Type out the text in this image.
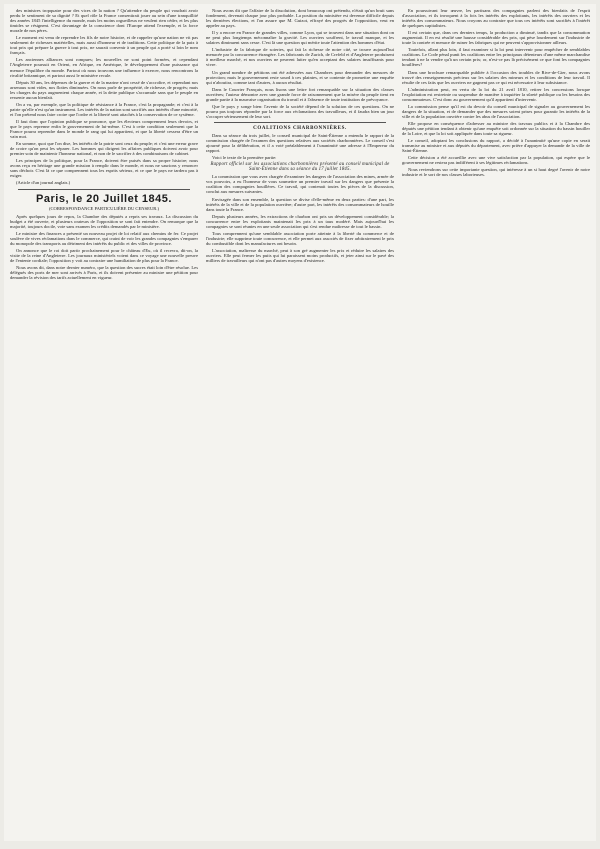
des ministres tropquatre pour des vices de la nation ? Qu'attendre du peuple qui voudrait avoir perdu le sentiment de sa dignité ? Et quel rôle la France consentirait jouer au sein d'une tranquillité des années 1845 l'intelligence du monde, mais les moins orgueilleux ne veulent rien céder, et les plus timides se résignent. C'est davantage de la conscience dont l'Europe attend l'exemple, et la force morale de nos pères.

Le moment est venu de reprendre les fils de notre histoire, et de rappeler qu'une nation ne vit pas seulement de richesses matérielles, mais aussi d'honneur et de traditions. Cette politique de la paix à tout prix qui prépare la guerre à tout prix, ne saurait convenir à un peuple qui a porté si loin le nom français.

Les anciennes alliances sont rompues; les nouvelles ne sont point formées, et cependant l'Angleterre poursuit en Orient, en Afrique, en Amérique, le développement d'une puissance qui menace l'équilibre du monde. Partout où nous trouvons une influence à exercer, nous rencontrons la rivalité britannique, et partout aussi le ministère recule.

Dépuis 30 ans, les dépenses de la guerre et de la marine n'ont cessé de s'accroître, et cependant nos arsenaux sont vides, nos flottes diminuées. On nous parle de prospérité, de richesse, de progrès; mais les charges du pays augmentent chaque année, et la dette publique s'accumule sans que le peuple en ressente aucun bienfait.

On a vu, par exemple, que la politique de résistance à la France, c'est la propagande; et c'est à la patrie qu'elle n'est qu'un instrument. Les intérêts de la nation sont sacrifiés aux intérêts d'une minorité, et l'on prétend nous faire croire que l'ordre et la liberté sont attachés à la conservation de ce système.

Il faut donc que l'opinion publique se prononce, que les électeurs comprennent leurs devoirs, et que le pays reprenne enfin le gouvernement de lui-même. C'est à cette condition seulement que la France pourra reprendre dans le monde le rang qui lui appartient, et que la liberté cessera d'être un vain mot.

En somme, quoi que l'on dise, les intérêts de la patrie sont ceux du peuple; et c'est une erreur grave de croire qu'on peut les séparer. Les hommes qui dirigent les affaires publiques doivent avoir pour premier soin de maintenir l'honneur national, et non de le sacrifier à des combinaisons de cabinet.

Les principes de la politique, pour la France, doivent être puisés dans sa propre histoire; nous avons reçu en héritage une grande mission à remplir dans le monde, et nous ne saurions y renoncer sans déchoir. C'est là ce que comprennent tous les esprits sérieux, et ce que le pays ne tardera pas à exiger.

(Article d'un journal anglais.)

Paris, le 20 Juillet 1845.
(CORRESPONDANCE PARTICULIÈRE DU CENSEUR.)

Après quelques jours de repos, la Chambre des députés a repris ses travaux. La discussion du budget a été ouverte, et plusieurs orateurs de l'opposition se sont fait entendre. On remarque que la majorité, toujours docile, vote sans examen les crédits demandés par le ministère.

Le ministre des finances a présenté un nouveau projet de loi relatif aux chemins de fer. Ce projet soulève de vives réclamations dans le commerce, qui craint de voir les grandes compagnies s'emparer du monopole des transports au détriment des intérêts du public et des villes de province.

On annonce que le roi doit partir prochainement pour le château d'Eu, où il recevra, dit-on, la visite de la reine d'Angleterre. Les journaux ministériels voient dans ce voyage une nouvelle preuve de l'entente cordiale; l'opposition y voit au contraire une humiliation de plus pour la France.

Nous avons dit, dans notre dernier numéro, que la question des sucres était loin d'être résolue. Les délégués des ports de mer sont arrivés à Paris, et ils doivent présenter au ministre une pétition pour demander la révision des tarifs actuellement en vigueur.

Nous avons dit que l'affaire de la dissolution, dont beaucoup ont prétendu, n'était qu'un bruit sans fondement, devenait chaque jour plus probable. La position du ministère est devenue difficile depuis les dernières élections, et l'on assure que M. Guizot, effrayé des progrès de l'opposition, veut en appeler au pays.

Il y a encore en France de grandes villes, comme Lyon, qui se trouvent dans une situation dont on ne peut plus longtemps méconnaître la gravité. Les ouvriers souffrent, le travail manque, et les salaires diminuent sans cesse. C'est là une question qui mérite toute l'attention des hommes d'état.

L'industrie de la fabrique de soieries, qui fait la richesse de notre cité, se trouve aujourd'hui menacée par la concurrence étrangère. Les fabricants de Zurich, de Crefeld et d'Angleterre produisent à meilleur marché, et nos ouvriers ne peuvent lutter qu'en acceptant des salaires insuffisants pour vivre.

Un grand nombre de pétitions ont été adressées aux Chambres pour demander des mesures de protection; mais le gouvernement reste sourd à ces plaintes, et se contente de promettre une enquête qui n'aboutira, comme tant d'autres, à aucun résultat.

Dans le Courrier Français, nous lisons une lettre fort remarquable sur la situation des classes ouvrières; l'auteur démontre avec une grande force de raisonnement que la misère du peuple tient en grande partie à la mauvaise organisation du travail et à l'absence de toute institution de prévoyance.

Que le pays y songe bien: l'avenir de la société dépend de la solution de ces questions. On ne pourra pas toujours répondre par la force aux réclamations des travailleurs, et il faudra bien un jour s'occuper sérieusement de leur sort.

COALITIONS CHARBONNIÈRES.

Dans sa séance du trois juillet, le conseil municipal de Saint-Étienne a entendu le rapport de la commission chargée de l'examen des questions relatives aux sociétés charbonnières. Le conseil s'est ajourné pour la délibération, et il a voté préalablement à l'unanimité une adresse à l'Empereur du rapport.

Voici le texte de la première partie:

Rapport officiel sur les associations charbonnières présenté au conseil municipal de Saint-Étienne dans sa séance du 17 juillet 1845.

La commission que vous avez chargée d'examiner les dangers de l'association des mines, armée de vos pouvoirs, a eu l'honneur de vous soumettre un premier travail sur les dangers que présente la coalition des compagnies houillères. Ce travail, qui contenait toutes les pièces de la discussion, conclut aux mesures suivantes.

Envisagée dans son ensemble, la question se divise d'elle-même en deux parties: d'une part, les intérêts de la ville et de la population ouvrière; d'autre part, les intérêts des consommateurs de houille dans toute la France.

Depuis plusieurs années, les extractions de charbon ont pris un développement considérable; la concurrence entre les exploitants maintenait les prix à un taux modéré. Mais aujourd'hui les compagnies se sont réunies en une seule association qui s'est rendue maîtresse de tout le bassin.

Tous comprennent qu'une semblable association porte atteinte à la liberté du commerce et de l'industrie; elle supprime toute concurrence, et elle permet aux associés de fixer arbitrairement le prix du combustible dont les manufactures ont besoin.

L'association, maîtresse du marché, peut à son gré augmenter les prix et réduire les salaires des ouvriers. Elle peut fermer les puits qui lui paraissent moins productifs, et jeter ainsi sur le pavé des milliers de travailleurs qui n'ont pas d'autres moyens d'existence.

En poursuivant leur œuvre, les partisans des compagnies parlent des bienfaits de l'esprit d'association, et ils invoquent à la fois les intérêts des exploitants, les intérêts des ouvriers et les intérêts des consommateurs. Nous croyons au contraire que tous ces intérêts sont sacrifiés à l'intérêt de quelques capitalistes.

Il est certain que, dans ces derniers temps, la production a diminué, tandis que la consommation augmentait. Il en est résulté une hausse considérable des prix, qui pèse lourdement sur l'industrie de toute la contrée et menace de ruiner les fabriques qui ne peuvent s'approvisionner ailleurs.

Toutefois, allant plus loin, il faut examiner si la loi peut intervenir pour empêcher de semblables coalitions. Le Code pénal punit les coalitions entre les principaux détenteurs d'une même marchandise tendant à ne la vendre qu'à un certain prix; or, n'est-ce pas là précisément ce que font les compagnies houillères?

Dans une brochure remarquable publiée à l'occasion des troubles de Rive-de-Gier, nous avons trouvé des renseignements précieux sur les salaires des mineurs et les conditions de leur travail. Il résulte de ces faits que les ouvriers ne gagnent pas ce qui est nécessaire à leur subsistance.

L'administration peut, en vertu de la loi du 21 avril 1810, retirer les concessions lorsque l'exploitation est restreinte ou suspendue de manière à inquiéter la sûreté publique ou les besoins des consommateurs. C'est donc au gouvernement qu'il appartient d'intervenir.

La commission pense qu'il est du devoir du conseil municipal de signaler au gouvernement les dangers de la situation, et de demander que des mesures soient prises pour garantir les intérêts de la ville et de la population ouvrière contre les abus de l'association.

Elle propose en conséquence d'adresser au ministre des travaux publics et à la Chambre des députés une pétition tendant à obtenir qu'une enquête soit ordonnée sur la situation du bassin houiller de la Loire, et que la loi soit appliquée dans toute sa rigueur.

Le conseil, adoptant les conclusions du rapport, a décidé à l'unanimité qu'une copie en serait transmise au ministre et aux députés du département, avec prière d'appuyer la demande de la ville de Saint-Étienne.

Cette décision a été accueillie avec une vive satisfaction par la population, qui espère que le gouvernement ne restera pas indifférent à ses légitimes réclamations.

Nous reviendrons sur cette importante question, qui intéresse à un si haut degré l'avenir de notre industrie et le sort de nos classes laborieuses.
